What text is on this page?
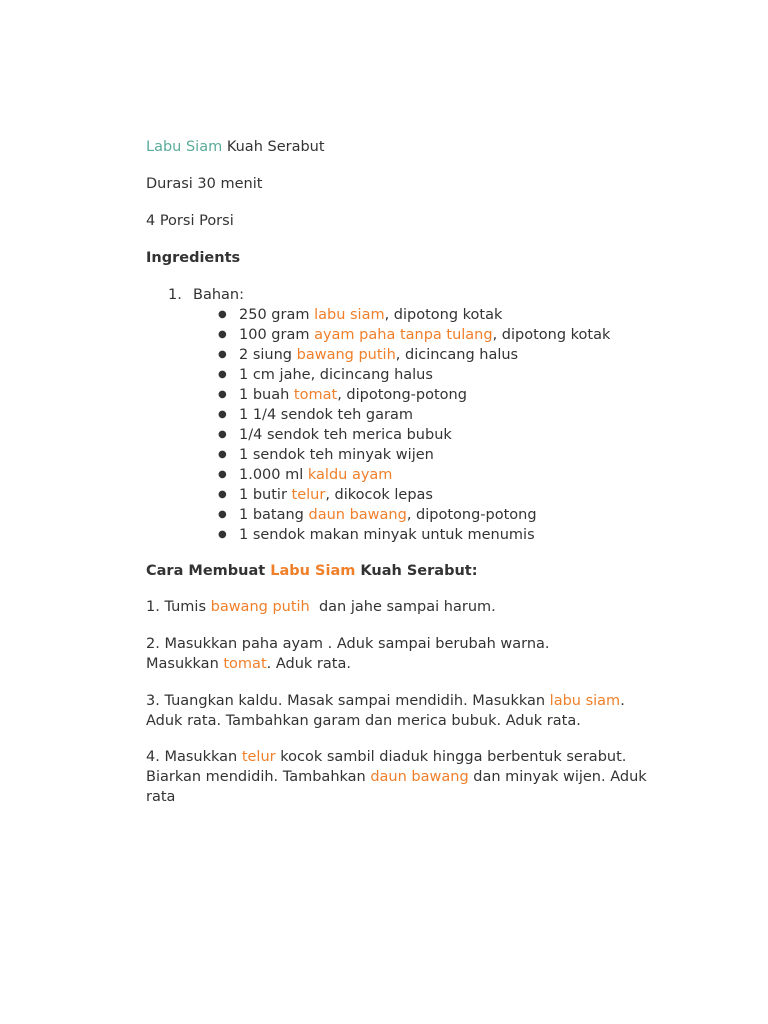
Labu Siam Kuah Serabut
Durasi 30 menit
4 Porsi Porsi
Ingredients
1. Bahan:
● 250 gram labu siam, dipotong kotak
● 100 gram ayam paha tanpa tulang, dipotong kotak
● 2 siung bawang putih, dicincang halus
● 1 cm jahe, dicincang halus
● 1 buah tomat, dipotong-potong
● 1 1/4 sendok teh garam
● 1/4 sendok teh merica bubuk
● 1 sendok teh minyak wijen
● 1.000 ml kaldu ayam
● 1 butir telur, dikocok lepas
● 1 batang daun bawang, dipotong-potong
● 1 sendok makan minyak untuk menumis
Cara Membuat Labu Siam Kuah Serabut:
1. Tumis bawang putih  dan jahe sampai harum.
2. Masukkan paha ayam . Aduk sampai berubah warna.
Masukkan tomat. Aduk rata.
3. Tuangkan kaldu. Masak sampai mendidih. Masukkan labu siam.
Aduk rata. Tambahkan garam dan merica bubuk. Aduk rata.
4. Masukkan telur kocok sambil diaduk hingga berbentuk serabut.
Biarkan mendidih. Tambahkan daun bawang dan minyak wijen. Aduk
rata
